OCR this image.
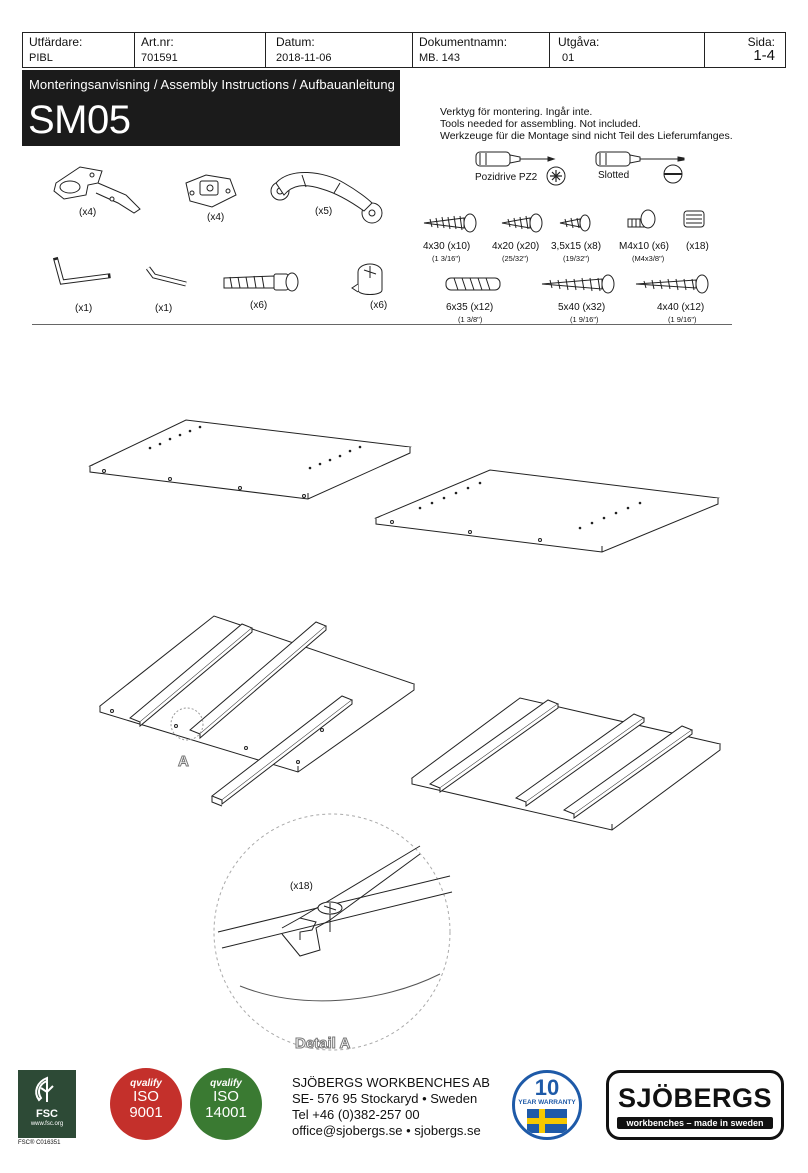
Utfärdare:
PIBL
Art.nr:
701591
Datum:
2018-11-06
Dokumentnamn:
MB. 143
Utgåva:
01
Sida:
1-4
Monteringsanvisning / Assembly Instructions / Aufbauanleitung
SM05	Verktyg för montering. Ingår inte.
Tools needed for assembling. Not included.
Werkzeuge für die Montage sind nicht Teil des Lieferumfanges.
Pozidrive PZ2	Slotted
(x4)	(x4)
(x5)
4x30 (x10)
(1 3/16")
4x20 (x20)
(25/32")
3,5x15 (x8)
(19/32")
M4x10 (x6)
(M4x3/8")
(x18)
(x1)	(x1)	(x6)	(x6)	6x35 (x12)
(1 3/8")
5x40 (x32)
(1 9/16")
4x40 (x12)
(1 9/16")
A
(x18)
Detail A
FSC
www.fsc.org
FSC® C016351
qvalify
ISO
9001
qvalify
ISO
14001
SJÖBERGS WORKBENCHES AB
SE- 576 95 Stockaryd • Sweden
Tel +46 (0)382-257 00
office@sjobergs.se • sjobergs.se
10
YEAR WARRANTY	SJÖBERGS
workbenches – made in sweden
